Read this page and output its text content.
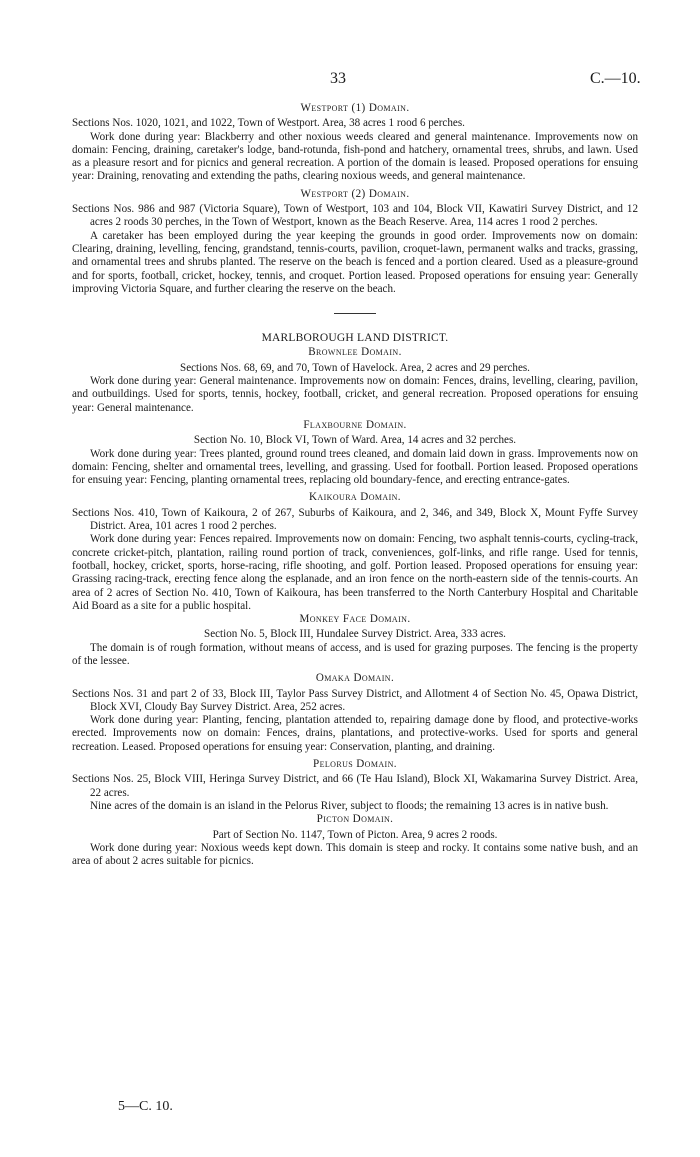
33	C.—10.
Westport (1) Domain.

Sections Nos. 1020, 1021, and 1022, Town of Westport. Area, 38 acres 1 rood 6 perches.

Work done during year: Blackberry and other noxious weeds cleared and general maintenance. Improvements now on domain: Fencing, draining, caretaker's lodge, band-rotunda, fish-pond and hatchery, ornamental trees, shrubs, and lawn. Used as a pleasure resort and for picnics and general recreation. A portion of the domain is leased. Proposed operations for ensuing year: Draining, renovating and extending the paths, clearing noxious weeds, and general maintenance.

Westport (2) Domain.

Sections Nos. 986 and 987 (Victoria Square), Town of Westport, 103 and 104, Block VII, Kawatiri Survey District, and 12 acres 2 roods 30 perches, in the Town of Westport, known as the Beach Reserve. Area, 114 acres 1 rood 2 perches.

A caretaker has been employed during the year keeping the grounds in good order. Improvements now on domain: Clearing, draining, levelling, fencing, grandstand, tennis-courts, pavilion, croquet-lawn, permanent walks and tracks, grassing, and ornamental trees and shrubs planted. The reserve on the beach is fenced and a portion cleared. Used as a pleasure-ground and for sports, football, cricket, hockey, tennis, and croquet. Portion leased. Proposed operations for ensuing year: Generally improving Victoria Square, and further clearing the reserve on the beach.

MARLBOROUGH LAND DISTRICT.
Brownlee Domain.

Sections Nos. 68, 69, and 70, Town of Havelock. Area, 2 acres and 29 perches.

Work done during year: General maintenance. Improvements now on domain: Fences, drains, levelling, clearing, pavilion, and outbuildings. Used for sports, tennis, hockey, football, cricket, and general recreation. Proposed operations for ensuing year: General maintenance.

Flaxbourne Domain.

Section No. 10, Block VI, Town of Ward. Area, 14 acres and 32 perches.

Work done during year: Trees planted, ground round trees cleaned, and domain laid down in grass. Improvements now on domain: Fencing, shelter and ornamental trees, levelling, and grassing. Used for football. Portion leased. Proposed operations for ensuing year: Fencing, planting ornamental trees, replacing old boundary-fence, and erecting entrance-gates.

Kaikoura Domain.

Sections Nos. 410, Town of Kaikoura, 2 of 267, Suburbs of Kaikoura, and 2, 346, and 349, Block X, Mount Fyffe Survey District. Area, 101 acres 1 rood 2 perches.

Work done during year: Fences repaired. Improvements now on domain: Fencing, two asphalt tennis-courts, cycling-track, concrete cricket-pitch, plantation, railing round portion of track, conveniences, golf-links, and rifle range. Used for tennis, football, hockey, cricket, sports, horse-racing, rifle shooting, and golf. Portion leased. Proposed operations for ensuing year: Grassing racing-track, erecting fence along the esplanade, and an iron fence on the north-eastern side of the tennis-courts. An area of 2 acres of Section No. 410, Town of Kaikoura, has been transferred to the North Canterbury Hospital and Charitable Aid Board as a site for a public hospital.

Monkey Face Domain.

Section No. 5, Block III, Hundalee Survey District. Area, 333 acres.

The domain is of rough formation, without means of access, and is used for grazing purposes. The fencing is the property of the lessee.

Omaka Domain.

Sections Nos. 31 and part 2 of 33, Block III, Taylor Pass Survey District, and Allotment 4 of Section No. 45, Opawa District, Block XVI, Cloudy Bay Survey District. Area, 252 acres.

Work done during year: Planting, fencing, plantation attended to, repairing damage done by flood, and protective-works erected. Improvements now on domain: Fences, drains, plantations, and protective-works. Used for sports and general recreation. Leased. Proposed operations for ensuing year: Conservation, planting, and draining.

Pelorus Domain.

Sections Nos. 25, Block VIII, Heringa Survey District, and 66 (Te Hau Island), Block XI, Wakamarina Survey District. Area, 22 acres.

Nine acres of the domain is an island in the Pelorus River, subject to floods; the remaining 13 acres is in native bush.

Picton Domain.

Part of Section No. 1147, Town of Picton. Area, 9 acres 2 roods.

Work done during year: Noxious weeds kept down. This domain is steep and rocky. It contains some native bush, and an area of about 2 acres suitable for picnics.

5—C. 10.
